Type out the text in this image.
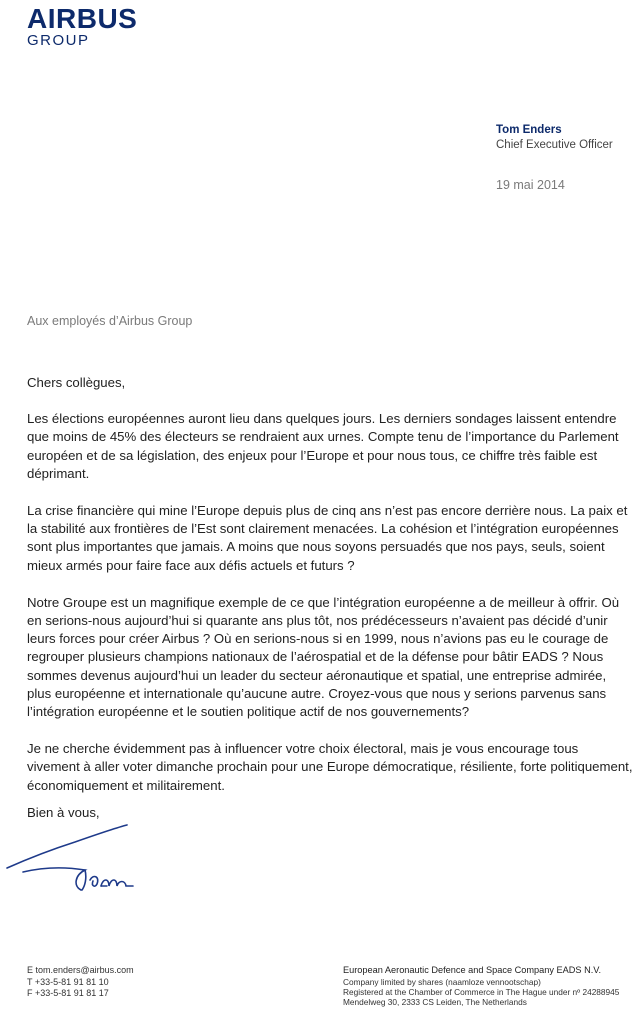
AIRBUS
GROUP
Tom Enders
Chief Executive Officer
19 mai 2014
Aux employés d’Airbus Group

Chers collègues,

Les élections européennes auront lieu dans quelques jours. Les derniers sondages laissent entendre que moins de 45% des électeurs se rendraient aux urnes. Compte tenu de l’importance du Parlement européen et de sa législation, des enjeux pour l’Europe et pour nous tous, ce chiffre très faible est déprimant.

La crise financière qui mine l’Europe depuis plus de cinq ans n’est pas encore derrière nous. La paix et la stabilité aux frontières de l’Est sont clairement menacées. La cohésion et l’intégration européennes sont plus importantes que jamais. A moins que nous soyons persuadés que nos pays, seuls, soient mieux armés pour faire face aux défis actuels et futurs ?

Notre Groupe est un magnifique exemple de ce que l’intégration européenne a de meilleur à offrir. Où en serions-nous aujourd’hui si quarante ans plus tôt, nos prédécesseurs n’avaient pas décidé d’unir leurs forces pour créer Airbus ? Où en serions-nous si en 1999, nous n’avions pas eu le courage de regrouper plusieurs champions nationaux de l’aérospatial et de la défense pour bâtir EADS ? Nous sommes devenus aujourd’hui un leader du secteur aéronautique et spatial, une entreprise admirée, plus européenne et internationale qu’aucune autre. Croyez-vous que nous y serions parvenus sans l’intégration européenne et le soutien politique actif de nos gouvernements?

Je ne cherche évidemment pas à influencer votre choix électoral, mais je vous encourage tous vivement à aller voter dimanche prochain pour une Europe démocratique, résiliente, forte politiquement, économiquement et militairement.

Bien à vous,
E tom.enders@airbus.com
T +33-5-81 91 81 10
F +33-5-81 91 81 17
European Aeronautic Defence and Space Company EADS N.V.
Company limited by shares (naamloze vennootschap)
Registered at the Chamber of Commerce in The Hague under nº 24288945
Mendelweg 30, 2333 CS Leiden, The Netherlands
